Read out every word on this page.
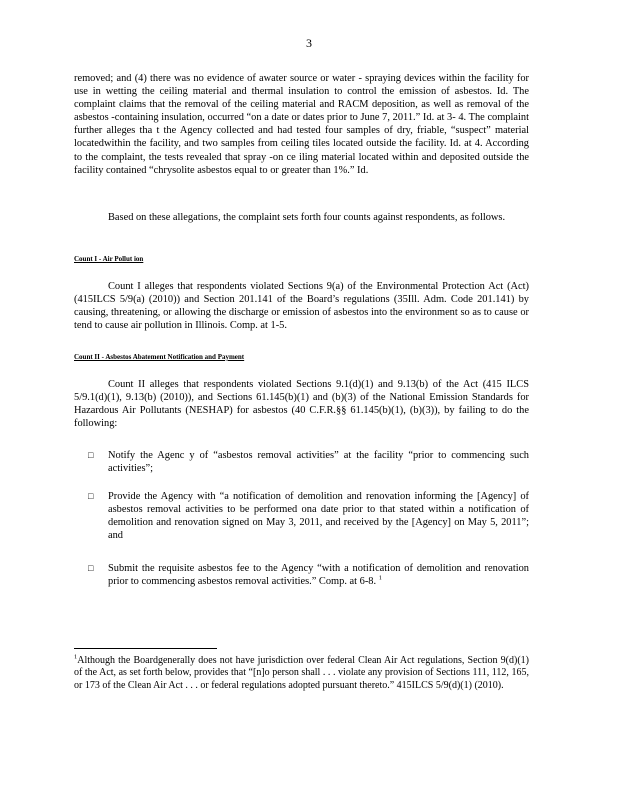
3

removed; and (4) there was no evidence of awater source or water - spraying devices within the facility for use in wetting the ceiling material and thermal insulation to control the emission of asbestos. Id. The complaint claims that the removal of the ceiling material and RACM deposition, as well as removal of the asbestos -containing insulation, occurred “on a date or dates prior to June 7, 2011.” Id. at 3- 4. The complaint further alleges tha t the Agency collected and had tested four samples of dry, friable, “suspect” material locatedwithin the facility, and two samples from ceiling tiles located outside the facility. Id. at 4. According to the complaint, the tests revealed that spray -on ce iling material located within and deposited outside the facility contained “chrysolite asbestos equal to or greater than 1%.” Id.

Based on these allegations, the complaint sets forth four counts against respondents, as follows.

Count I - Air Pollut ion

Count I alleges that respondents violated Sections 9(a) of the Environmental Protection Act (Act) (415ILCS 5/9(a) (2010)) and Section 201.141 of the Board’s regulations (35Ill. Adm. Code 201.141) by causing, threatening, or allowing the discharge or emission of asbestos into the environment so as to cause or tend to cause air pollution in Illinois. Comp. at 1-5.

Count II - Asbestos Abatement Notification and Payment

Count II alleges that respondents violated Sections 9.1(d)(1) and 9.13(b) of the Act (415 ILCS 5/9.1(d)(1), 9.13(b) (2010)), and Sections 61.145(b)(1) and (b)(3) of the National Emission Standards for Hazardous Air Pollutants (NESHAP) for asbestos (40 C.F.R.§§ 61.145(b)(1), (b)(3)), by failing to do the following:

□ Notify the Agenc y of “asbestos removal activities” at the facility “prior to commencing such activities”;
□ Provide the Agency with “a notification of demolition and renovation informing the [Agency] of asbestos removal activities to be performed ona date prior to that stated within a notification of demolition and renovation signed on May 3, 2011, and received by the [Agency] on May 5, 2011”; and
□ Submit the requisite asbestos fee to the Agency “with a notification of demolition and renovation prior to commencing asbestos removal activities.” Comp. at 6-8. $^1$

$^1$Although the Boardgenerally does not have jurisdiction over federal Clean Air Act regulations, Section 9(d)(1) of the Act, as set forth below, provides that “[n]o person shall . . . violate any provision of Sections 111, 112, 165, or 173 of the Clean Air Act . . . or federal regulations adopted pursuant thereto.” 415ILCS 5/9(d)(1) (2010).
